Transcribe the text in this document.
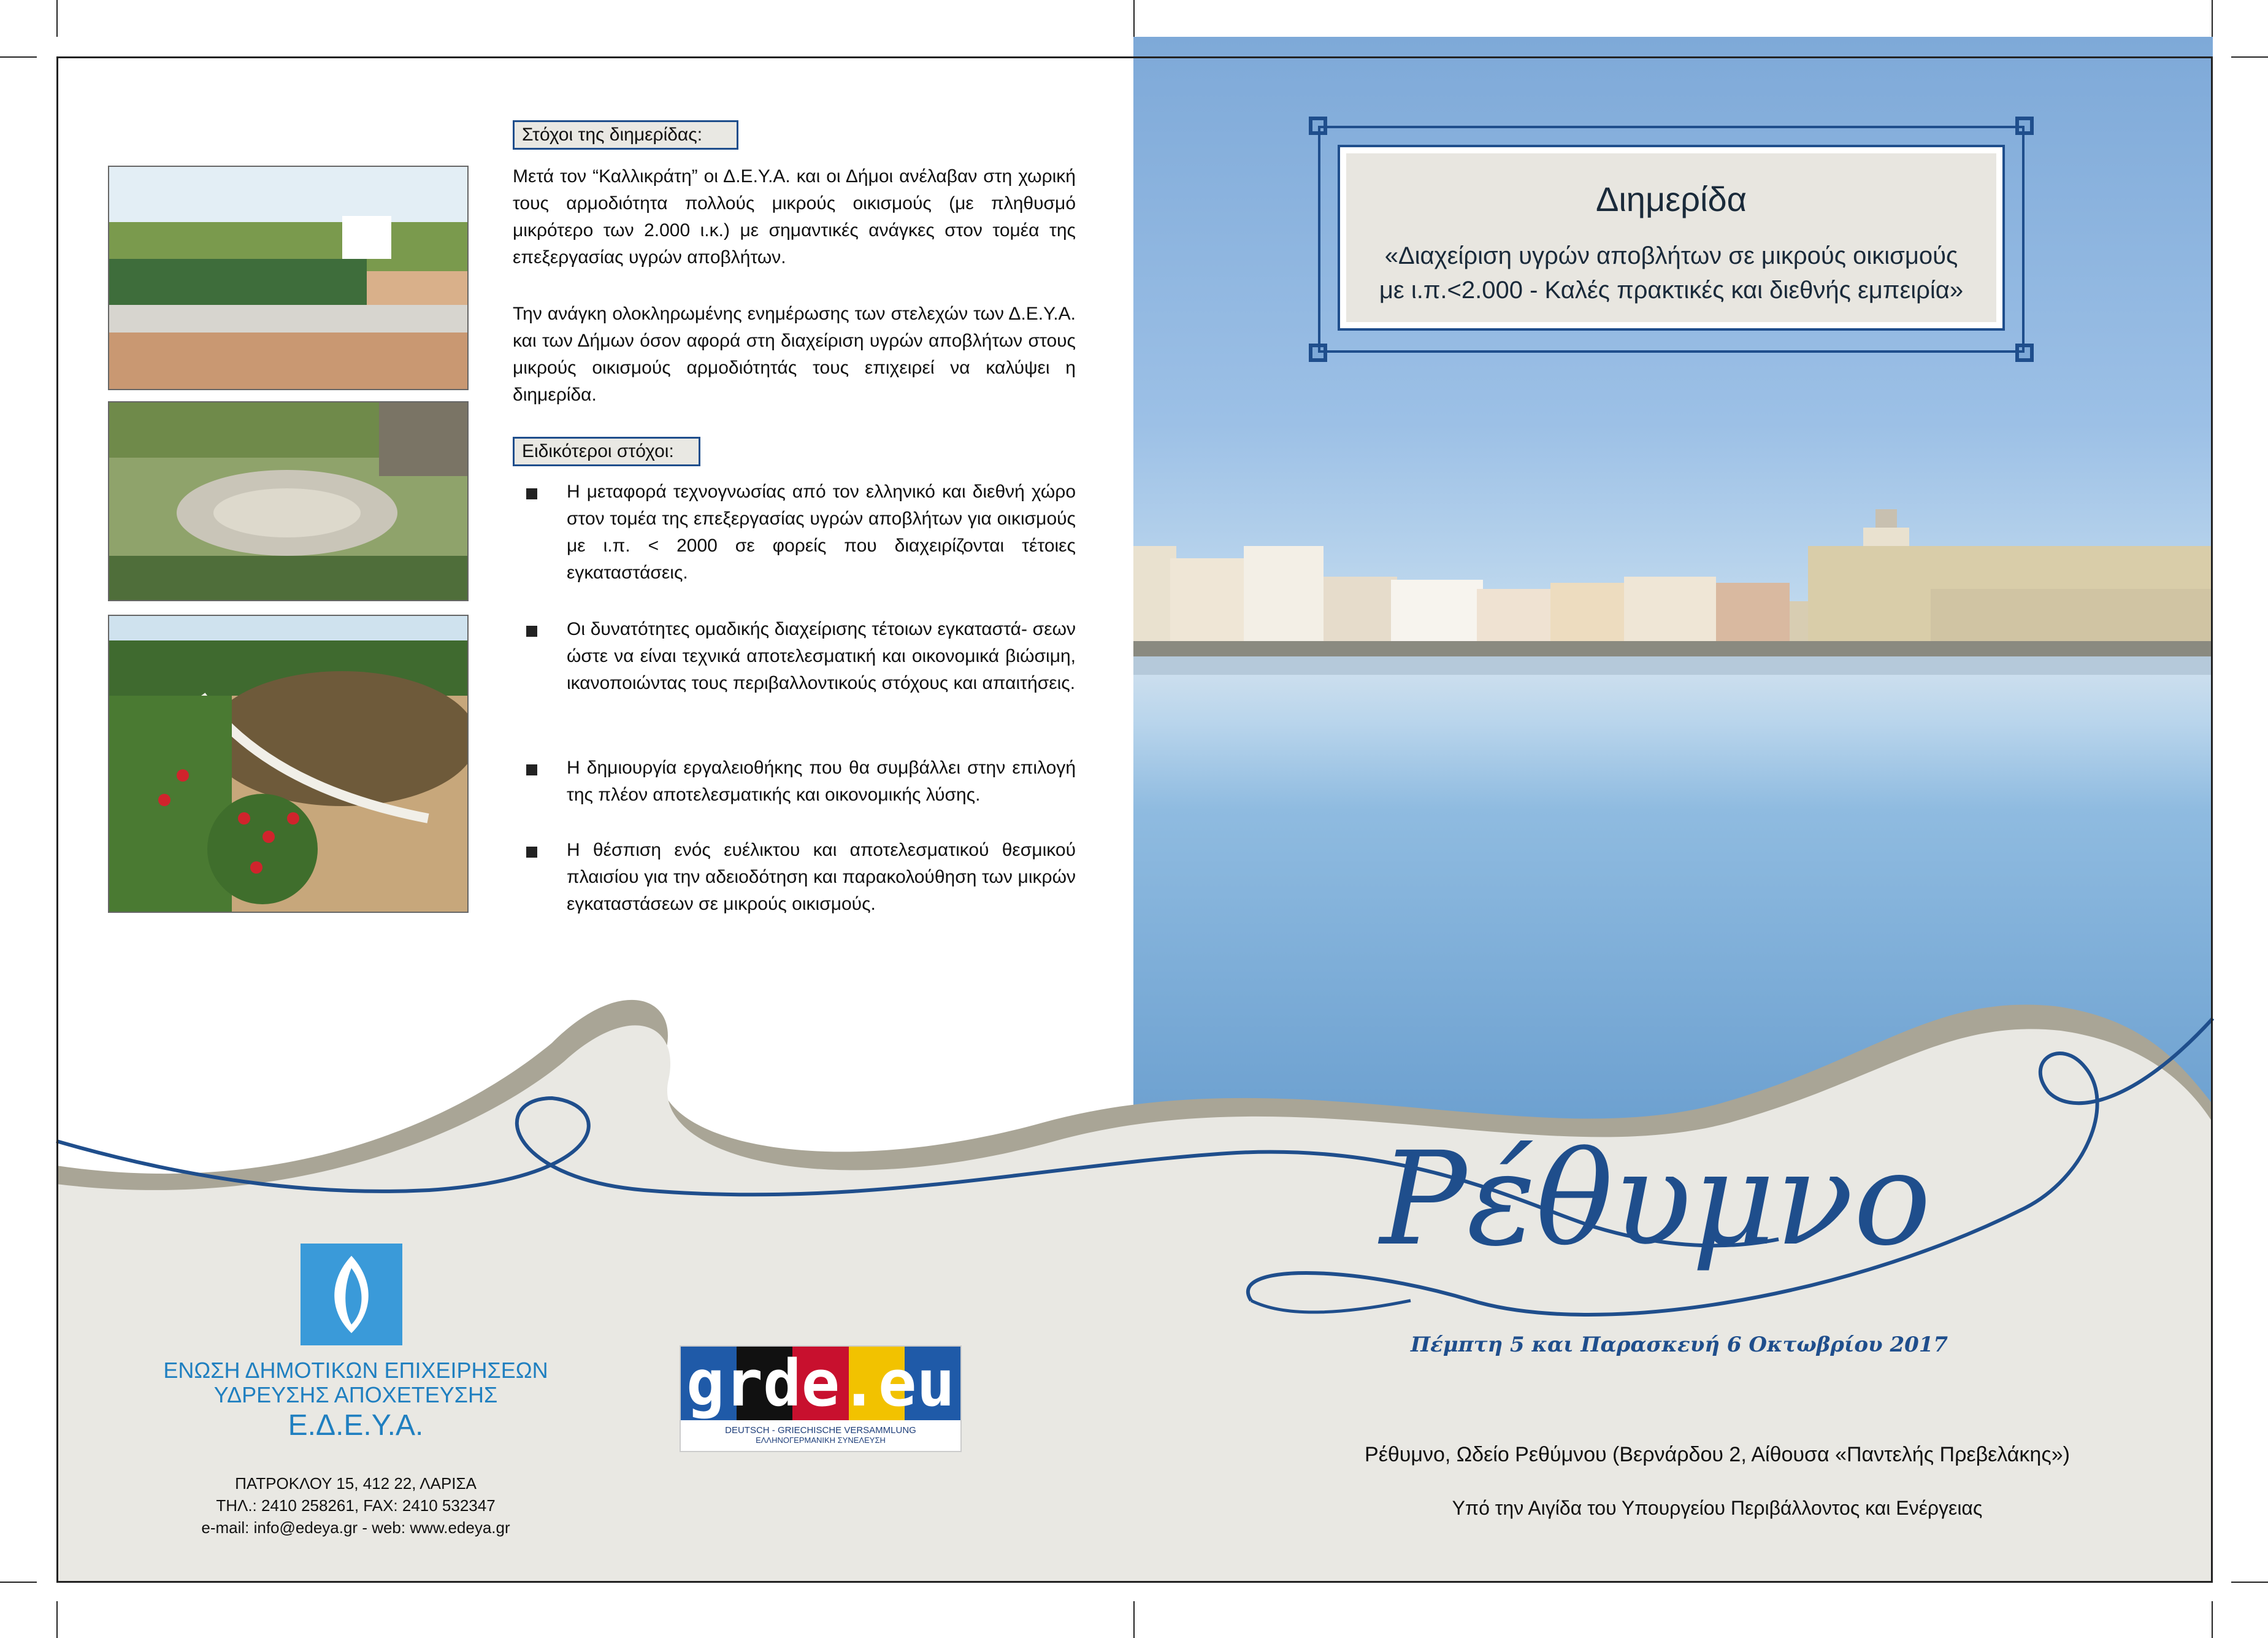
Διημερίδα
«Διαχείριση υγρών αποβλήτων σε μικρούς οικισμούς
με ι.π.<2.000 - Καλές πρακτικές και διεθνής εμπειρία»
Στόχοι της διημερίδας:
Μετά τον “Καλλικράτη” οι Δ.Ε.Υ.Α. και οι Δήμοι ανέλαβαν στη χωρική τους αρμοδιότητα πολλούς μικρούς οικισμούς (με πληθυσμό μικρότερο των 2.000 ι.κ.) με σημαντικές ανάγκες στον τομέα της επεξεργασίας υγρών αποβλήτων.
Την ανάγκη ολοκληρωμένης ενημέρωσης των στελεχών των Δ.Ε.Υ.Α. και των Δήμων όσον αφορά στη διαχείριση υγρών αποβλήτων στους μικρούς οικισμούς αρμοδιότητάς τους επιχειρεί να καλύψει η διημερίδα.
Ειδικότεροι στόχοι:
Η μεταφορά τεχνογνωσίας από τον ελληνικό και διεθνή χώρο στον τομέα της επεξεργασίας υγρών αποβλήτων για οικισμούς με ι.π. < 2000 σε φορείς που διαχειρίζονται τέτοιες εγκαταστάσεις.
Οι δυνατότητες ομαδικής διαχείρισης τέτοιων εγκαταστά- σεων ώστε να είναι τεχνικά αποτελεσματική και οικονομικά βιώσιμη, ικανοποιώντας τους περιβαλλοντικούς στόχους και απαιτήσεις.
Η δημιουργία εργαλειοθήκης που θα συμβάλλει στην επιλογή της πλέον αποτελεσματικής και οικονομικής λύσης.
Η θέσπιση ενός ευέλικτου και αποτελεσματικού θεσμικού πλαισίου για την αδειοδότηση και παρακολούθηση των μικρών εγκαταστάσεων σε μικρούς οικισμούς.
Ρέθυμνο
Πέμπτη 5 και Παρασκευή 6 Οκτωβρίου 2017
Ρέθυμνο, Ωδείο Ρεθύμνου (Βερνάρδου 2, Αίθουσα «Παντελής Πρεβελάκης»)
Υπό την Αιγίδα του Υπουργείου Περιβάλλοντος και Ενέργειας
ΕΝΩΣΗ ΔΗΜΟΤΙΚΩΝ ΕΠΙΧΕΙΡΗΣΕΩΝ
ΥΔΡΕΥΣΗΣ ΑΠΟΧΕΤΕΥΣΗΣ
Ε.Δ.Ε.Υ.Α.
ΠΑΤΡΟΚΛΟΥ 15, 412 22, ΛΑΡΙΣΑ
ΤΗΛ.: 2410 258261, FAX: 2410 532347
e-mail: info@edeya.gr - web: www.edeya.gr
grde.eu
DEUTSCH - GRIECHISCHE VERSAMMLUNG
ΕΛΛΗΝΟΓΕΡΜΑΝΙΚΗ ΣΥΝΕΛΕΥΣΗ
